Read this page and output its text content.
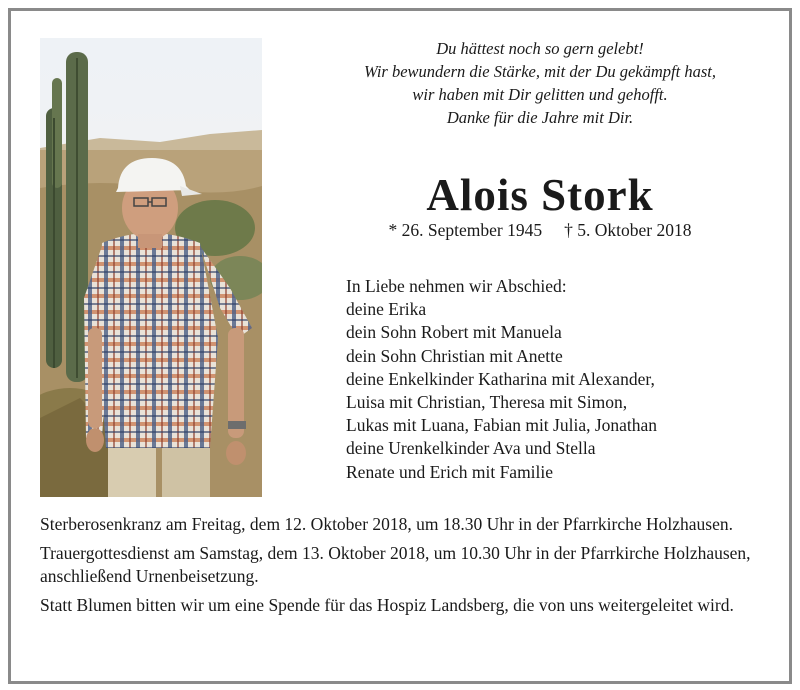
Du hättest noch so gern gelebt!
Wir bewundern die Stärke, mit der Du gekämpft hast,
wir haben mit Dir gelitten und gehofft.
Danke für die Jahre mit Dir.
Alois Stork
* 26. September 1945 † 5. Oktober 2018
In Liebe nehmen wir Abschied:
deine Erika
dein Sohn Robert mit Manuela
dein Sohn Christian mit Anette
deine Enkelkinder Katharina mit Alexander,
Luisa mit Christian, Theresa mit Simon,
Lukas mit Luana, Fabian mit Julia, Jonathan
deine Urenkelkinder Ava und Stella
Renate und Erich mit Familie

Sterberosenkranz am Freitag, dem 12. Oktober 2018, um 18.30 Uhr in der Pfarrkirche Holzhausen.

Trauergottesdienst am Samstag, dem 13. Oktober 2018, um 10.30 Uhr in der Pfarrkirche Holzhausen, anschließend Urnenbeisetzung.

Statt Blumen bitten wir um eine Spende für das Hospiz Landsberg, die von uns weitergeleitet wird.
